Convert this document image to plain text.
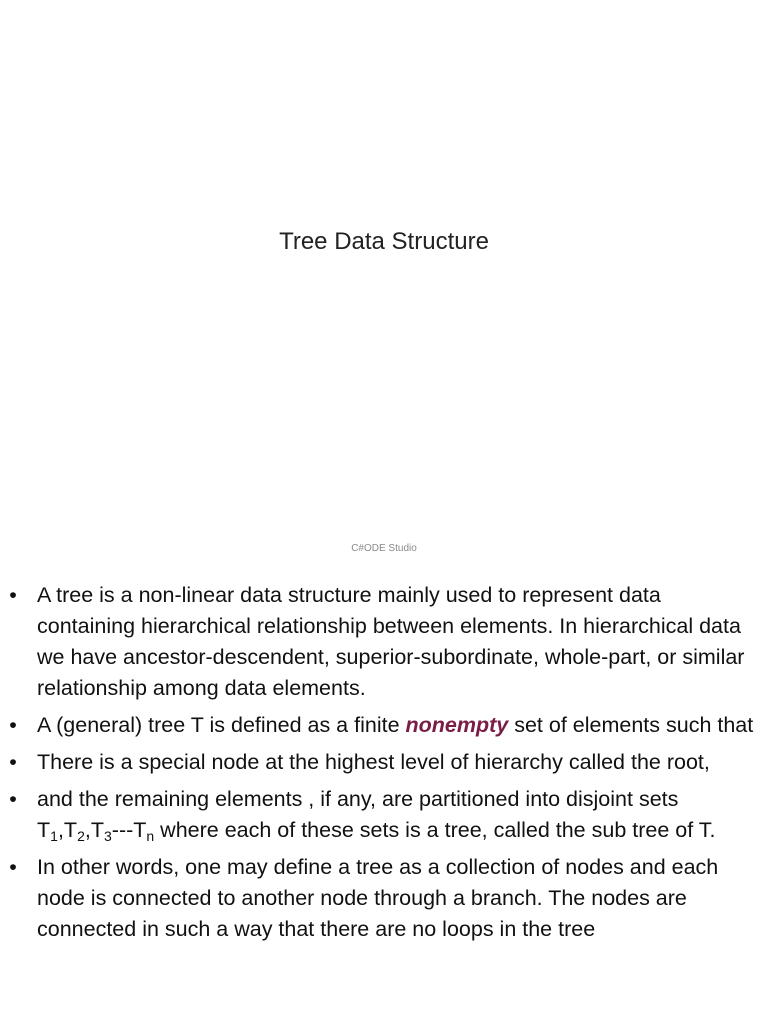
Tree Data Structure
C#ODE Studio
• A tree is a non-linear data structure mainly used to represent data containing hierarchical relationship between elements. In hierarchical data we have ancestor-descendent, superior-subordinate, whole-part, or similar relationship among data elements.
• A (general) tree T is defined as a finite nonempty set of elements such that
• There is a special node at the highest level of hierarchy called the root,
• and the remaining elements , if any, are partitioned into disjoint sets $T_1,T_2,T_3---T_n$ where each of these sets is a tree, called the sub tree of T.
• In other words, one may define a tree as a collection of nodes and each node is connected to another node through a branch. The nodes are connected in such a way that there are no loops in the tree
